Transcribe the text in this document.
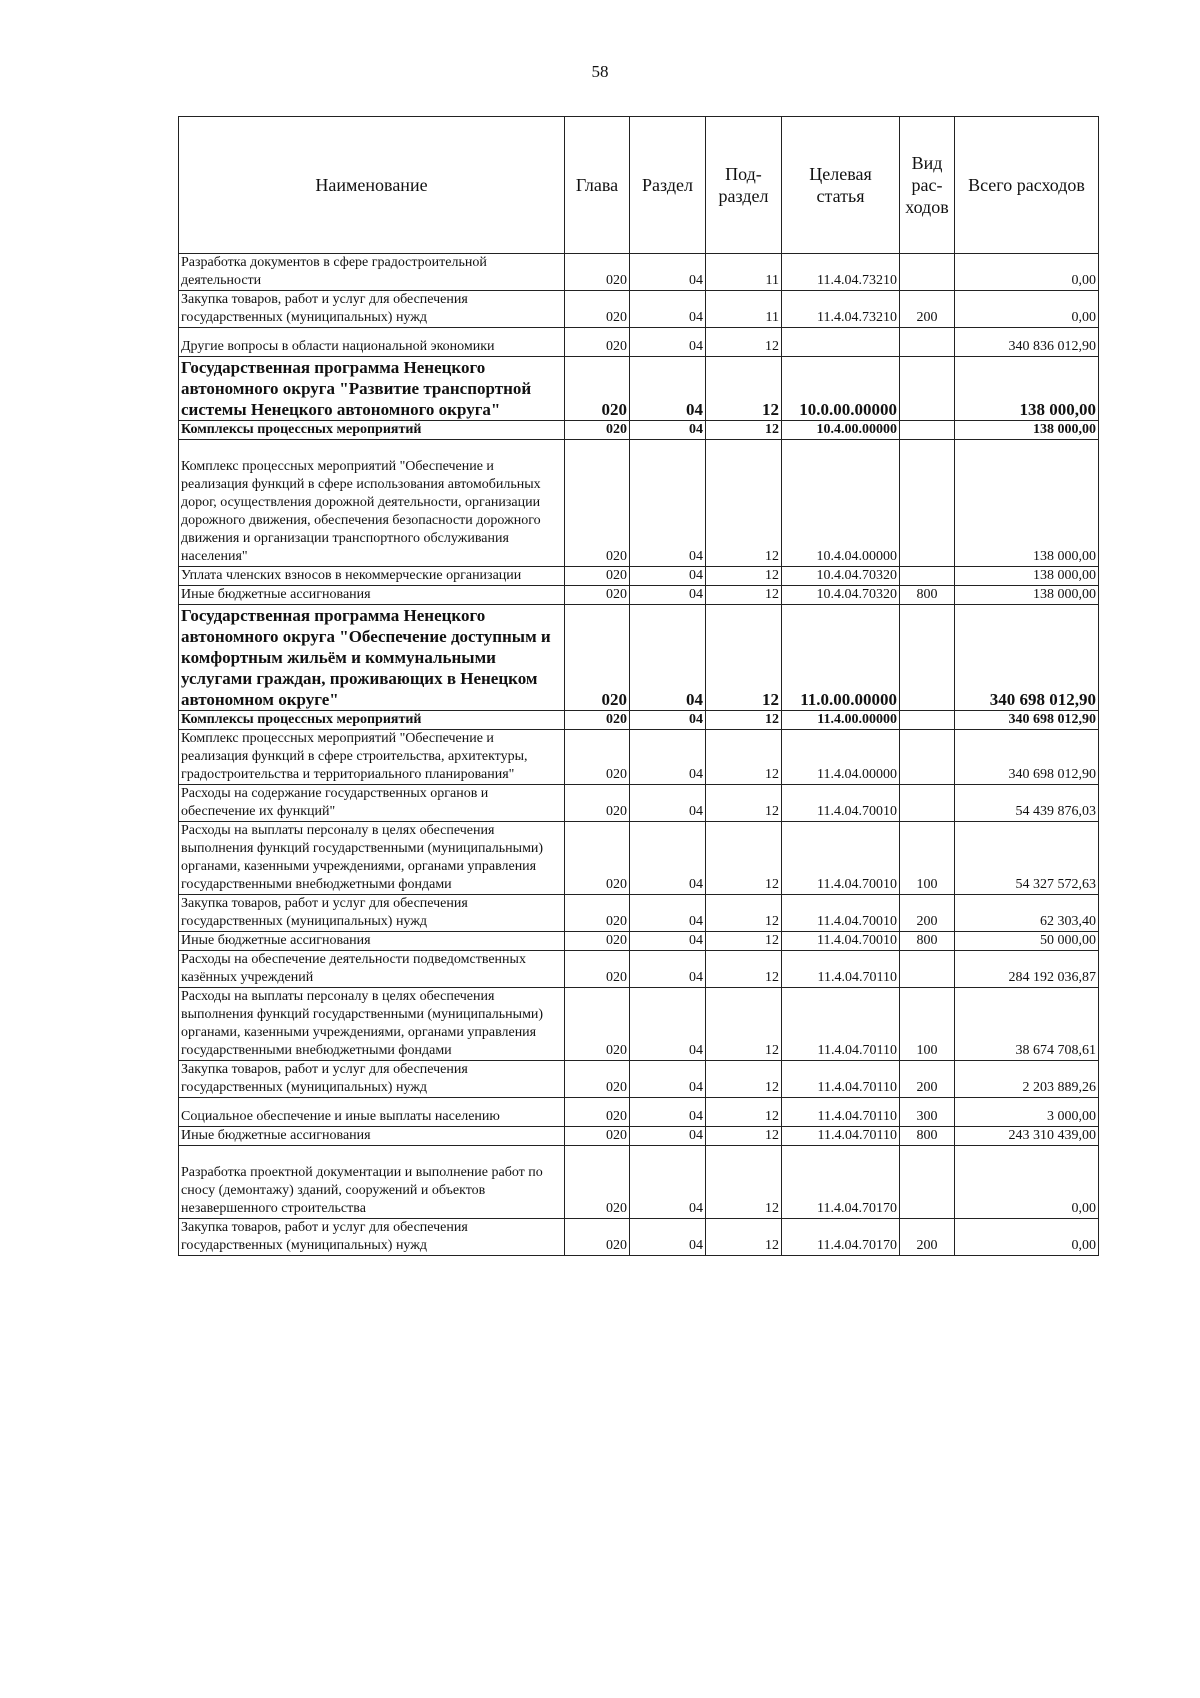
58
Наименование	Глава	Раздел	Под- раздел	Целевая статья	Вид рас- ходов	Всего расходов
Разработка документов в сфере градостроительной деятельности	020	04	11	11.4.04.73210		0,00
Закупка товаров, работ и услуг для обеспечения государственных (муниципальных) нужд	020	04	11	11.4.04.73210	200	0,00
Другие вопросы в области национальной экономики	020	04	12			340 836 012,90
Государственная программа Ненецкого автономного округа "Развитие транспортной системы Ненецкого автономного округа"	020	04	12	10.0.00.00000		138 000,00
Комплексы процессных мероприятий	020	04	12	10.4.00.00000		138 000,00
Комплекс процессных мероприятий "Обеспечение и реализация функций в сфере использования автомобильных дорог, осуществления дорожной деятельности, организации дорожного движения, обеспечения безопасности дорожного движения и организации транспортного обслуживания населения"	020	04	12	10.4.04.00000		138 000,00
Уплата членских взносов в некоммерческие организации	020	04	12	10.4.04.70320		138 000,00
Иные бюджетные ассигнования	020	04	12	10.4.04.70320	800	138 000,00
Государственная программа Ненецкого автономного округа "Обеспечение доступным и комфортным жильём и коммунальными услугами граждан, проживающих в Ненецком автономном округе"	020	04	12	11.0.00.00000		340 698 012,90
Комплексы процессных мероприятий	020	04	12	11.4.00.00000		340 698 012,90
Комплекс процессных мероприятий "Обеспечение и реализация функций в сфере строительства, архитектуры, градостроительства и территориального планирования"	020	04	12	11.4.04.00000		340 698 012,90
Расходы на содержание государственных органов и обеспечение их функций"	020	04	12	11.4.04.70010		54 439 876,03
Расходы на выплаты персоналу в целях обеспечения выполнения функций государственными (муниципальными) органами, казенными учреждениями, органами управления государственными внебюджетными фондами	020	04	12	11.4.04.70010	100	54 327 572,63
Закупка товаров, работ и услуг для обеспечения государственных (муниципальных) нужд	020	04	12	11.4.04.70010	200	62 303,40
Иные бюджетные ассигнования	020	04	12	11.4.04.70010	800	50 000,00
Расходы на обеспечение деятельности подведомственных казённых учреждений	020	04	12	11.4.04.70110		284 192 036,87
Расходы на выплаты персоналу в целях обеспечения выполнения функций государственными (муниципальными) органами, казенными учреждениями, органами управления государственными внебюджетными фондами	020	04	12	11.4.04.70110	100	38 674 708,61
Закупка товаров, работ и услуг для обеспечения государственных (муниципальных) нужд	020	04	12	11.4.04.70110	200	2 203 889,26
Социальное обеспечение и иные выплаты населению	020	04	12	11.4.04.70110	300	3 000,00
Иные бюджетные ассигнования	020	04	12	11.4.04.70110	800	243 310 439,00
Разработка проектной документации и выполнение работ по сносу (демонтажу) зданий, сооружений и объектов незавершенного строительства	020	04	12	11.4.04.70170		0,00
Закупка товаров, работ и услуг для обеспечения государственных (муниципальных) нужд	020	04	12	11.4.04.70170	200	0,00
